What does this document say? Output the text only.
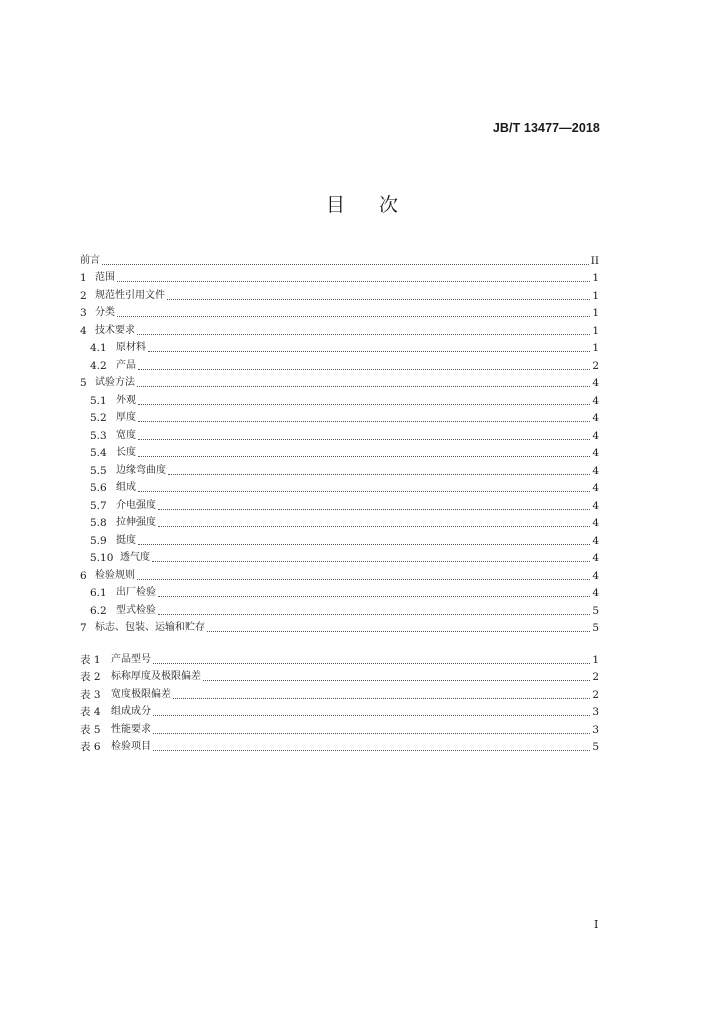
JB/T 13477—2018
目 次
前言	II
1 范围	1
2 规范性引用文件	1
3 分类	1
4 技术要求	1
4.1 原材料	1
4.2 产品	2
5 试验方法	4
5.1 外观	4
5.2 厚度	4
5.3 宽度	4
5.4 长度	4
5.5 边缘弯曲度	4
5.6 组成	4
5.7 介电强度	4
5.8 拉伸强度	4
5.9 挺度	4
5.10 透气度	4
6 检验规则	4
6.1 出厂检验	4
6.2 型式检验	5
7 标志、包装、运输和贮存	5
表 1	产品型号	1
表 2	标称厚度及极限偏差	2
表 3	宽度极限偏差	2
表 4	组成成分	3
表 5	性能要求	3
表 6	检验项目	5
I
